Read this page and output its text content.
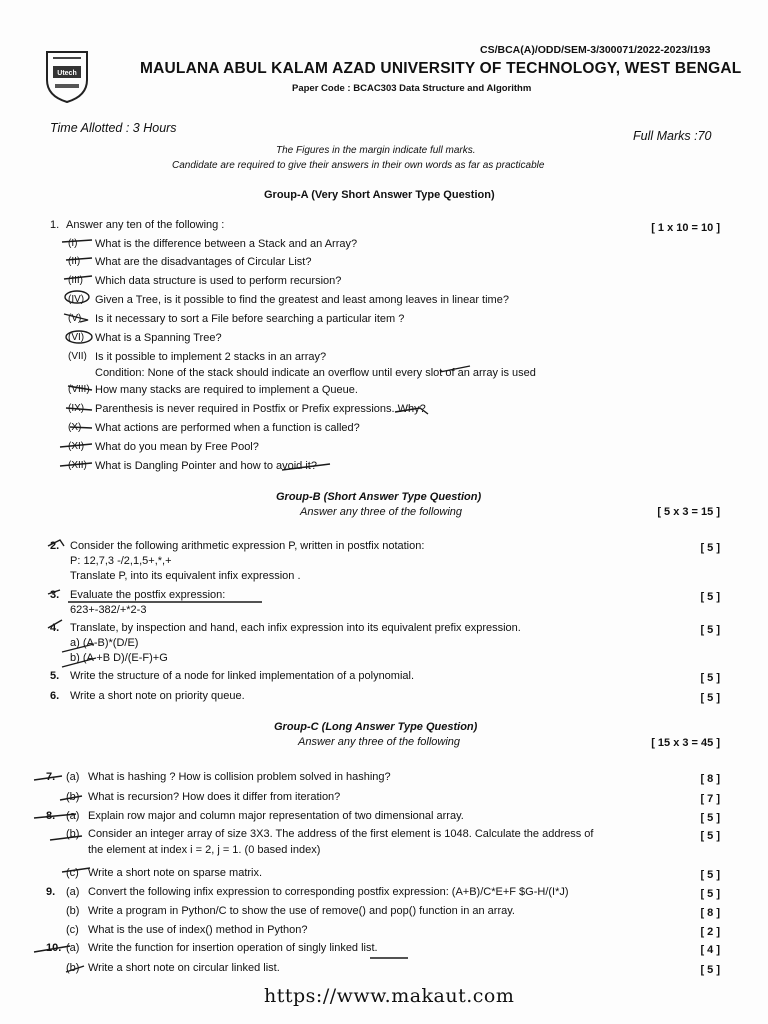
CS/BCA(A)/ODD/SEM-3/300071/2022-2023/I193
Utech	MAULANA ABUL KALAM AZAD UNIVERSITY OF TECHNOLOGY, WEST BENGAL
Paper Code : BCAC303 Data Structure and Algorithm
Time Allotted : 3 Hours
Full Marks :70
The Figures in the margin indicate full marks.
Candidate are required to give their answers in their own words as far as practicable
Group-A (Very Short Answer Type Question)
1. Answer any ten of the following :	[ 1 x 10 = 10 ]
(I) What is the difference between a Stack and an Array?
(II) What are the disadvantages of Circular List?
(III) Which data structure is used to perform recursion?
(IV) Given a Tree, is it possible to find the greatest and least among leaves in linear time?
(V) Is it necessary to sort a File before searching a particular item ?
(VI) What is a Spanning Tree?
(VII) Is it possible to implement 2 stacks in an array?
Condition: None of the stack should indicate an overflow until every slot of an array is used
(VIII) How many stacks are required to implement a Queue.
(IX) Parenthesis is never required in Postfix or Prefix expressions. Why?
(X) What actions are performed when a function is called?
(XI) What do you mean by Free Pool?
(XII) What is Dangling Pointer and how to avoid it?
Group-B (Short Answer Type Question)
Answer any three of the following	[ 5 x 3 = 15 ]
2. Consider the following arithmetic expression P, written in postfix notation:
P: 12,7,3 -/2,1,5+,*,+
Translate P, into its equivalent infix expression .
[ 5 ]
3. Evaluate the postfix expression:
623+-382/+*2-3
[ 5 ]
4. Translate, by inspection and hand, each infix expression into its equivalent prefix expression.
a) (A-B)*(D/E)
b) (A +B D)/(E-F)+G
[ 5 ]
5. Write the structure of a node for linked implementation of a polynomial.	[ 5 ]
6. Write a short note on priority queue.	[ 5 ]
Group-C (Long Answer Type Question)
Answer any three of the following	[ 15 x 3 = 45 ]
7. (a) What is hashing ? How is collision problem solved in hashing?	[ 8 ]
(b) What is recursion? How does it differ from iteration?	[ 7 ]
8. (a) Explain row major and column major representation of two dimensional array.	[ 5 ]
(b) Consider an integer array of size 3X3. The address of the first element is 1048. Calculate the address of	[ 5 ]
the element at index i = 2, j = 1. (0 based index)
(c) Write a short note on sparse matrix.	[ 5 ]
9. (a) Convert the following infix expression to corresponding postfix expression: (A+B)/C*E+F $G-H/(I*J)	[ 5 ]
(b) Write a program in Python/C to show the use of remove() and pop() function in an array.	[ 8 ]
(c) What is the use of index() method in Python?	[ 2 ]
10. (a) Write the function for insertion operation of singly linked list.	[ 4 ]
(b) Write a short note on circular linked list.	[ 5 ]
https://www.makaut.com
